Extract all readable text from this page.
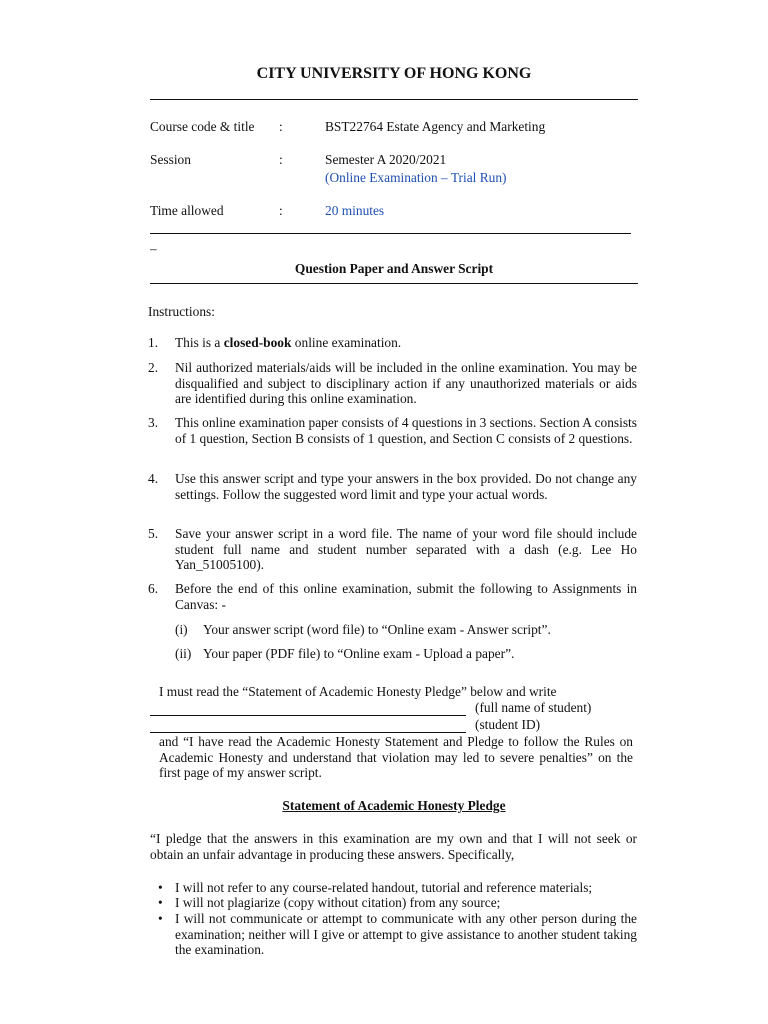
CITY UNIVERSITY OF HONG KONG
Course code & title :	BST22764 Estate Agency and Marketing
Session	:	Semester A 2020/2021
(Online Examination – Trial Run)
Time allowed	:	20 minutes
–
Question Paper and Answer Script
Instructions:
1. This is a closed-book online examination.
2. Nil authorized materials/aids will be included in the online examination. You may be disqualified and subject to disciplinary action if any unauthorized materials or aids are identified during this online examination.
3. This online examination paper consists of 4 questions in 3 sections. Section A consists of 1 question, Section B consists of 1 question, and Section C consists of 2 questions.
4. Use this answer script and type your answers in the box provided. Do not change any settings. Follow the suggested word limit and type your actual words.
5. Save your answer script in a word file. The name of your word file should include student full name and student number separated with a dash (e.g. Lee Ho Yan_51005100).
6. Before the end of this online examination, submit the following to Assignments in Canvas: -
(i) Your answer script (word file) to “Online exam - Answer script”.
(ii) Your paper (PDF file) to “Online exam - Upload a paper”.
I must read the “Statement of Academic Honesty Pledge” below and write
(full name of student)
(student ID)
and “I have read the Academic Honesty Statement and Pledge to follow the Rules on Academic Honesty and understand that violation may led to severe penalties” on the first page of my answer script.
Statement of Academic Honesty Pledge
“I pledge that the answers in this examination are my own and that I will not seek or obtain an unfair advantage in producing these answers. Specifically,
• I will not refer to any course-related handout, tutorial and reference materials;
• I will not plagiarize (copy without citation) from any source;
• I will not communicate or attempt to communicate with any other person during the examination; neither will I give or attempt to give assistance to another student taking the examination.
